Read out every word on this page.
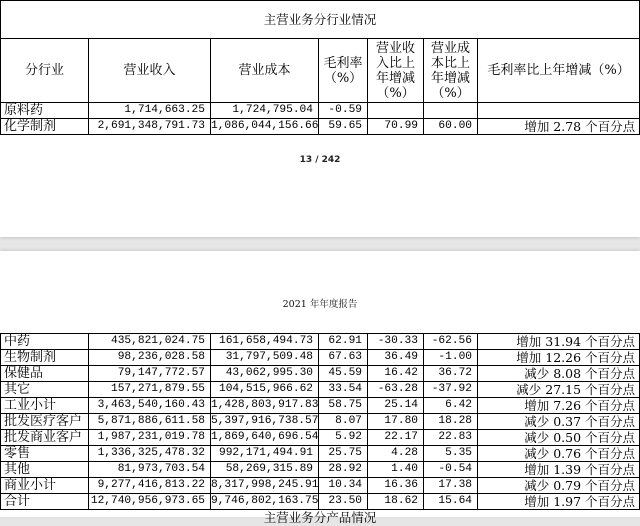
主营业务分行业情况						
分行业	营业收入	营业成本	毛利率（%）	营业收入比上年增减（%）	营业成本比上年增减（%）	毛利率比上年增减（%）
原料药	1,714,663.25	1,724,795.04	-0.59			
化学制剂	2,691,348,791.73	1,086,044,156.66	59.65	70.99	60.00	增加 2.78 个百分点
13 / 242
2021 年年度报告
中药	435,821,024.75	161,658,494.73	62.91	-30.33	-62.56	增加 31.94 个百分点
生物制剂	98,236,028.58	31,797,509.48	67.63	36.49	-1.00	增加 12.26 个百分点
保健品	79,147,772.57	43,062,995.30	45.59	16.42	36.72	减少 8.08 个百分点
其它	157,271,879.55	104,515,966.62	33.54	-63.28	-37.92	减少 27.15 个百分点
工业小计	3,463,540,160.43	1,428,803,917.83	58.75	25.14	6.42	增加 7.26 个百分点
批发医疗客户	5,871,886,611.58	5,397,916,738.57	8.07	17.80	18.28	减少 0.37 个百分点
批发商业客户	1,987,231,019.78	1,869,640,696.54	5.92	22.17	22.83	减少 0.50 个百分点
零售	1,336,325,478.32	992,171,494.91	25.75	4.28	5.35	减少 0.76 个百分点
其他	81,973,703.54	58,269,315.89	28.92	1.40	-0.54	增加 1.39 个百分点
商业小计	9,277,416,813.22	8,317,998,245.91	10.34	16.36	17.38	减少 0.79 个百分点
合计	12,740,956,973.65	9,746,802,163.75	23.50	18.62	15.64	增加 1.97 个百分点
主营业务分产品情况
